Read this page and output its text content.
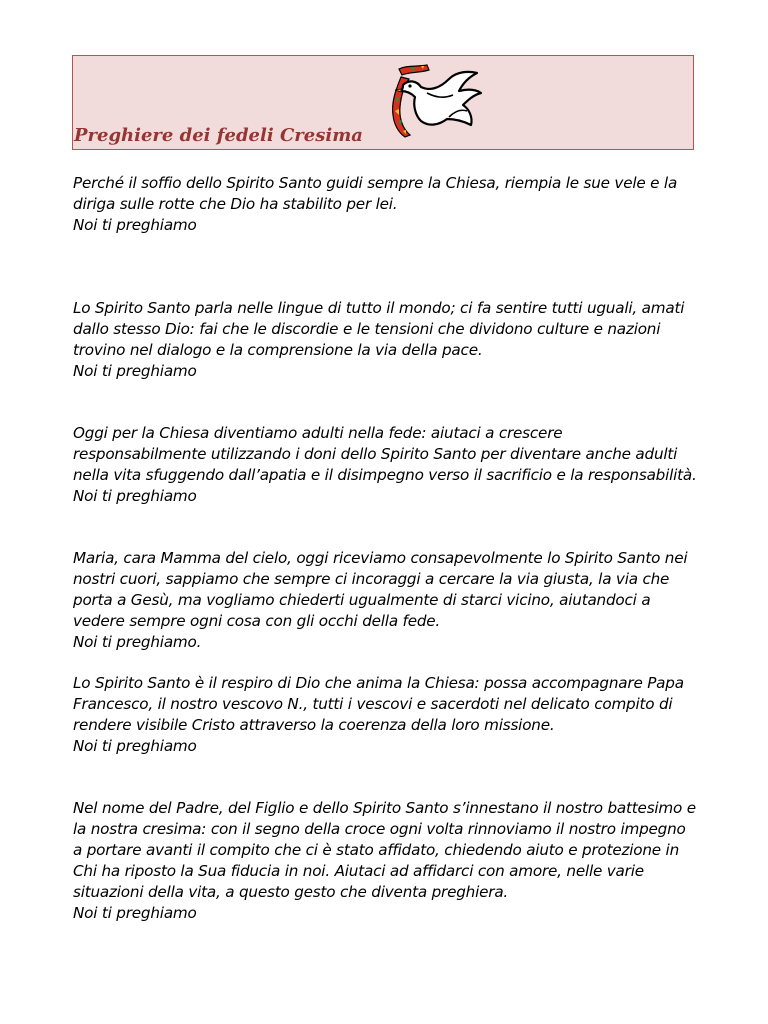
Preghiere dei fedeli Cresima
Perché il soffio dello Spirito Santo guidi sempre la Chiesa, riempia le sue vele e la diriga sulle rotte che Dio ha stabilito per lei.
Noi ti preghiamo
Lo Spirito Santo parla nelle lingue di tutto il mondo; ci fa sentire tutti uguali, amati dallo stesso Dio: fai che le discordie e le tensioni che dividono culture e nazioni trovino nel dialogo e la comprensione la via della pace.
Noi ti preghiamo
Oggi per la Chiesa diventiamo adulti nella fede: aiutaci a crescere responsabilmente utilizzando i doni dello Spirito Santo per diventare anche adulti nella vita sfuggendo dall’apatia e il disimpegno verso il sacrificio e la responsabilità.
Noi ti preghiamo
Maria, cara Mamma del cielo, oggi riceviamo consapevolmente lo Spirito Santo nei nostri cuori, sappiamo che sempre ci incoraggi a cercare la via giusta, la via che porta a Gesù, ma vogliamo chiederti ugualmente di starci vicino, aiutandoci a vedere sempre ogni cosa con gli occhi della fede.
Noi ti preghiamo.
Lo Spirito Santo è il respiro di Dio che anima la Chiesa: possa accompagnare Papa Francesco, il nostro vescovo N., tutti i vescovi e sacerdoti nel delicato compito di rendere visibile Cristo attraverso la coerenza della loro missione.
Noi ti preghiamo
Nel nome del Padre, del Figlio e dello Spirito Santo s’innestano il nostro battesimo e la nostra cresima: con il segno della croce ogni volta rinnoviamo il nostro impegno a portare avanti il compito che ci è stato affidato, chiedendo aiuto e protezione in Chi ha riposto la Sua fiducia in noi. Aiutaci ad affidarci con amore, nelle varie situazioni della vita, a questo gesto che diventa preghiera.
Noi ti preghiamo
